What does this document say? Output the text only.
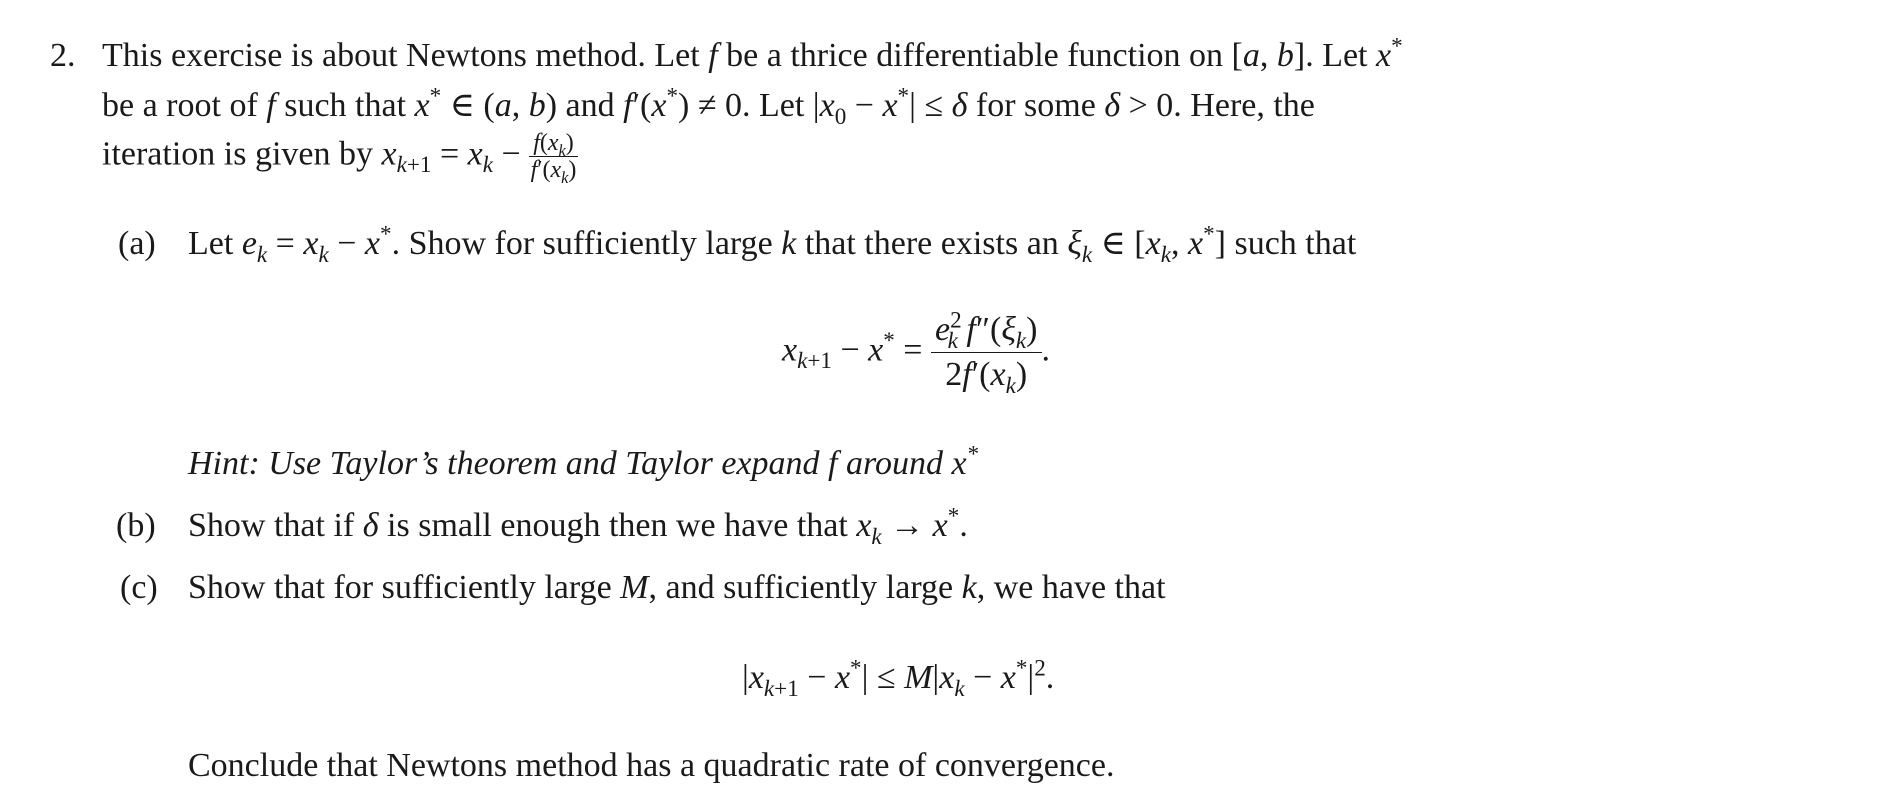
2. This exercise is about Newtons method. Let f be a thrice differentiable function on [a, b]. Let x*
be a root of f such that x* ∈ (a, b) and f′(x*) ≠ 0. Let $|x_0 - x^*| \le \delta$ for some δ > 0. Here, the
iteration is given by $x_{k+1} = x_k - \frac{f(x_k)}{f'(x_k)}$
(a) Let $e_k = x_k - x^*$. Show for sufficiently large k that there exists an $\xi_k$ ∈ [$x_k$, x*] such that
$x_{k+1} - x^* = \frac{e^2_k f''(\xi_k)}{2f'(x_k)}$ .
Hint: Use Taylor’s theorem and Taylor expand f around x*
(b) Show that if δ is small enough then we have that $x_k \to x^*$.
(c) Show that for sufficiently large M, and sufficiently large k, we have that
$|x_{k+1} - x^*| \le M|x_k - x^*|^2$.
Conclude that Newtons method has a quadratic rate of convergence.
